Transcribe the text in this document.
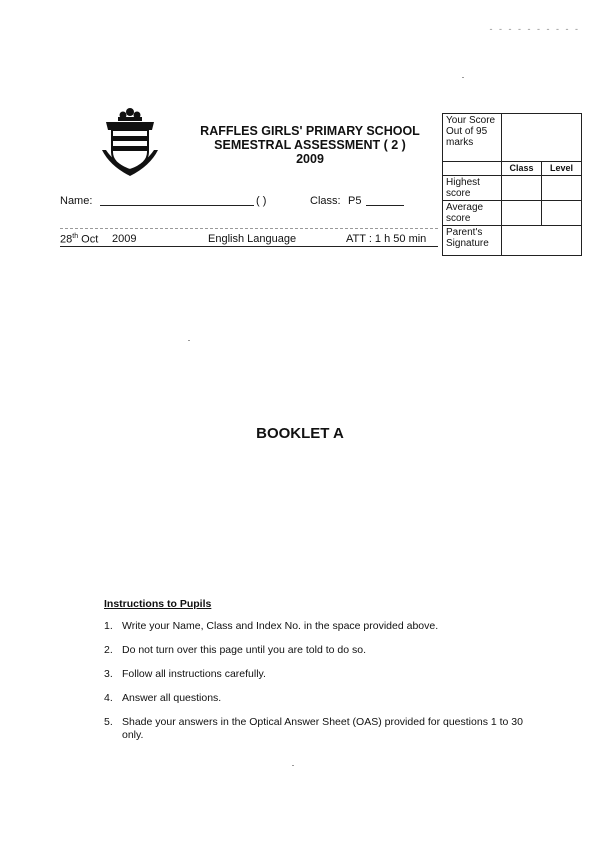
- - - - - - - - - -
RAFFLES GIRLS' PRIMARY SCHOOL
SEMESTRAL ASSESSMENT ( 2 )
2009
Your Score Out of 95 marks		
	Class	Level
Highest score		
Average score		
Parent's Signature		
Name:	( )	Class: P5
28th Oct 2009	English Language	ATT : 1 h 50 min
BOOKLET A
Instructions to Pupils
1. Write your Name, Class and Index No. in the space provided above.
2. Do not turn over this page until you are told to do so.
3. Follow all instructions carefully.
4. Answer all questions.
5. Shade your answers in the Optical Answer Sheet (OAS) provided for questions 1 to 30 only.
